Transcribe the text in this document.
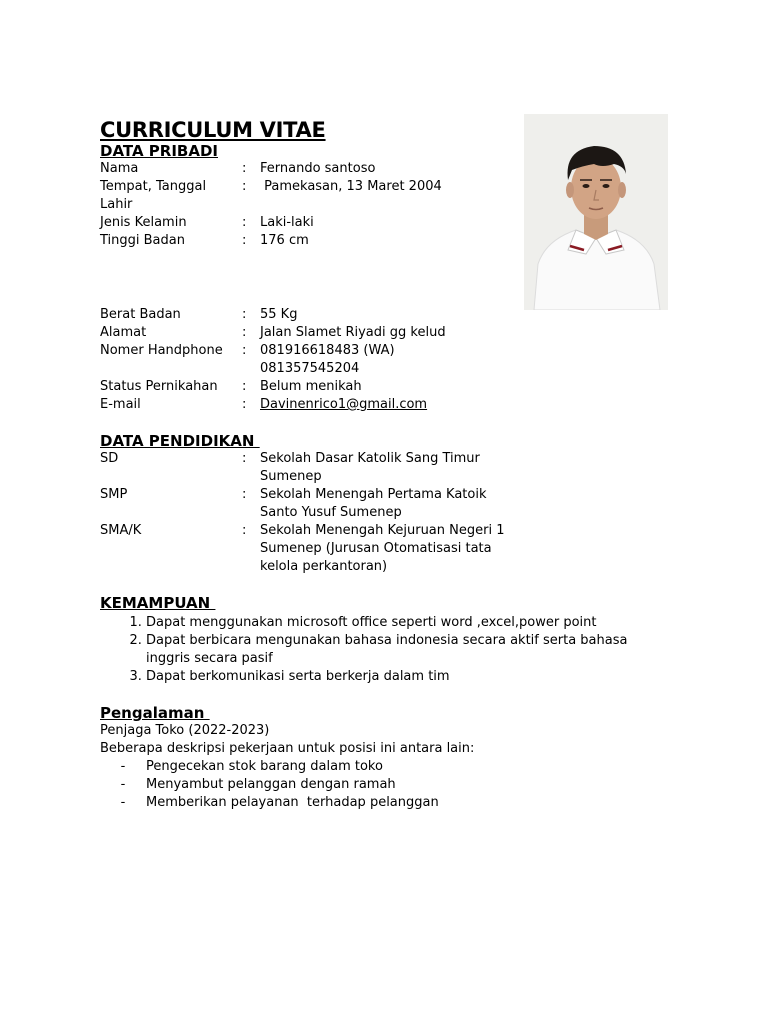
CURRICULUM VITAE
DATA PRIBADI
Nama	:	Fernando santoso
Tempat, Tanggal Lahir
:	Pamekasan, 13 Maret 2004
Jenis Kelamin	:	Laki-laki
Tinggi Badan	:	176 cm
Berat Badan	:	55 Kg
Alamat	:	Jalan Slamet Riyadi gg kelud
Nomer Handphone	:	081916618483 (WA)
081357545204
Status Pernikahan	:	Belum menikah
E-mail	:	Davinenrico1@gmail.com
DATA PENDIDIKAN
SD	:	Sekolah Dasar Katolik Sang Timur Sumenep
SMP	:	Sekolah Menengah Pertama Katoik Santo Yusuf Sumenep
SMA/K	:	Sekolah Menengah Kejuruan Negeri 1 Sumenep (Jurusan Otomatisasi tata kelola perkantoran)
KEMAMPUAN
1. Dapat menggunakan microsoft office seperti word ,excel,power point
2. Dapat berbicara mengunakan bahasa indonesia secara aktif serta bahasa inggris secara pasif
3. Dapat berkomunikasi serta berkerja dalam tim
Pengalaman
Penjaga Toko (2022-2023)
Beberapa deskripsi pekerjaan untuk posisi ini antara lain:
-	Pengecekan stok barang dalam toko
-	Menyambut pelanggan dengan ramah
-	Memberikan pelayanan  terhadap pelanggan
